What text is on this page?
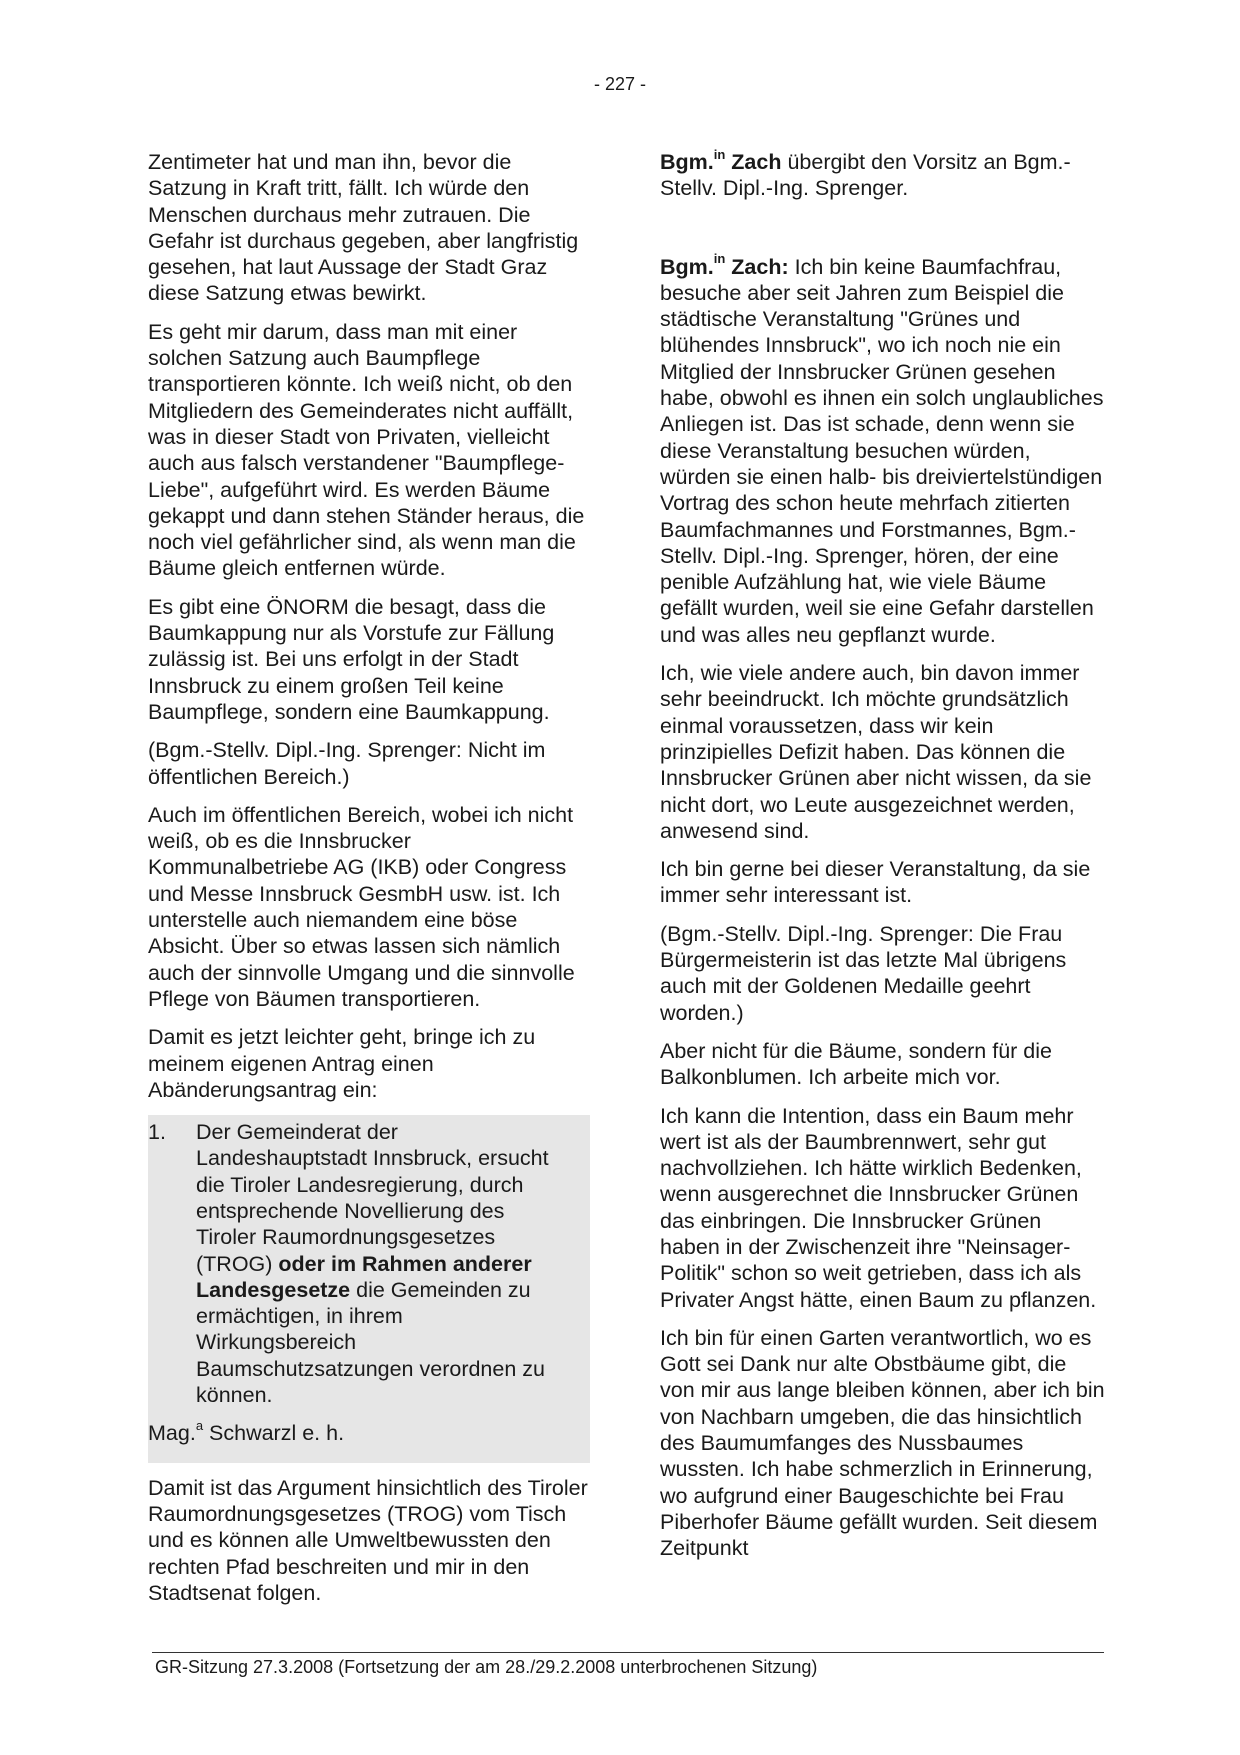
- 227 -

Zentimeter hat und man ihn, bevor die Satzung in Kraft tritt, fällt. Ich würde den Menschen durchaus mehr zutrauen. Die Gefahr ist durchaus gegeben, aber langfristig gesehen, hat laut Aussage der Stadt Graz diese Satzung etwas bewirkt.

Es geht mir darum, dass man mit einer solchen Satzung auch Baumpflege transportieren könnte. Ich weiß nicht, ob den Mitgliedern des Gemeinderates nicht auffällt, was in dieser Stadt von Privaten, vielleicht auch aus falsch verstandener "Baumpflege-Liebe", aufgeführt wird. Es werden Bäume gekappt und dann stehen Ständer heraus, die noch viel gefährlicher sind, als wenn man die Bäume gleich entfernen würde.

Es gibt eine ÖNORM die besagt, dass die Baumkappung nur als Vorstufe zur Fällung zulässig ist. Bei uns erfolgt in der Stadt Innsbruck zu einem großen Teil keine Baumpflege, sondern eine Baumkappung.

(Bgm.-Stellv. Dipl.-Ing. Sprenger: Nicht im öffentlichen Bereich.)

Auch im öffentlichen Bereich, wobei ich nicht weiß, ob es die Innsbrucker Kommunalbetriebe AG (IKB) oder Congress und Messe Innsbruck GesmbH usw. ist. Ich unterstelle auch niemandem eine böse Absicht. Über so etwas lassen sich nämlich auch der sinnvolle Umgang und die sinnvolle Pflege von Bäumen transportieren.

Damit es jetzt leichter geht, bringe ich zu meinem eigenen Antrag einen Abänderungsantrag ein:

1.	Der Gemeinderat der Landeshauptstadt Innsbruck, ersucht die Tiroler Landesregierung, durch entsprechende Novellierung des Tiroler Raumordnungsgesetzes (TROG) oder im Rahmen anderer Landesgesetze die Gemeinden zu ermächtigen, in ihrem Wirkungsbereich Baumschutzsatzungen verordnen zu können.

Mag.$^a$ Schwarzl e. h.

Damit ist das Argument hinsichtlich des Tiroler Raumordnungsgesetzes (TROG) vom Tisch und es können alle Umweltbewussten den rechten Pfad beschreiten und mir in den Stadtsenat folgen.

Bgm.$^{in}$ Zach übergibt den Vorsitz an Bgm.-Stellv. Dipl.-Ing. Sprenger.

Bgm.$^{in}$ Zach: Ich bin keine Baumfachfrau, besuche aber seit Jahren zum Beispiel die städtische Veranstaltung "Grünes und blühendes Innsbruck", wo ich noch nie ein Mitglied der Innsbrucker Grünen gesehen habe, obwohl es ihnen ein solch unglaubliches Anliegen ist. Das ist schade, denn wenn sie diese Veranstaltung besuchen würden, würden sie einen halb- bis dreiviertelstündigen Vortrag des schon heute mehrfach zitierten Baumfachmannes und Forstmannes, Bgm.-Stellv. Dipl.-Ing. Sprenger, hören, der eine penible Aufzählung hat, wie viele Bäume gefällt wurden, weil sie eine Gefahr darstellen und was alles neu gepflanzt wurde.

Ich, wie viele andere auch, bin davon immer sehr beeindruckt. Ich möchte grundsätzlich einmal voraussetzen, dass wir kein prinzipielles Defizit haben. Das können die Innsbrucker Grünen aber nicht wissen, da sie nicht dort, wo Leute ausgezeichnet werden, anwesend sind.

Ich bin gerne bei dieser Veranstaltung, da sie immer sehr interessant ist.

(Bgm.-Stellv. Dipl.-Ing. Sprenger: Die Frau Bürgermeisterin ist das letzte Mal übrigens auch mit der Goldenen Medaille geehrt worden.)

Aber nicht für die Bäume, sondern für die Balkonblumen. Ich arbeite mich vor.

Ich kann die Intention, dass ein Baum mehr wert ist als der Baumbrennwert, sehr gut nachvollziehen. Ich hätte wirklich Bedenken, wenn ausgerechnet die Innsbrucker Grünen das einbringen. Die Innsbrucker Grünen haben in der Zwischenzeit ihre "Neinsager-Politik" schon so weit getrieben, dass ich als Privater Angst hätte, einen Baum zu pflanzen.

Ich bin für einen Garten verantwortlich, wo es Gott sei Dank nur alte Obstbäume gibt, die von mir aus lange bleiben können, aber ich bin von Nachbarn umgeben, die das hinsichtlich des Baumumfanges des Nussbaumes wussten. Ich habe schmerzlich in Erinnerung, wo aufgrund einer Baugeschichte bei Frau Piberhofer Bäume gefällt wurden. Seit diesem Zeitpunkt

GR-Sitzung 27.3.2008 (Fortsetzung der am 28./29.2.2008 unterbrochenen Sitzung)
